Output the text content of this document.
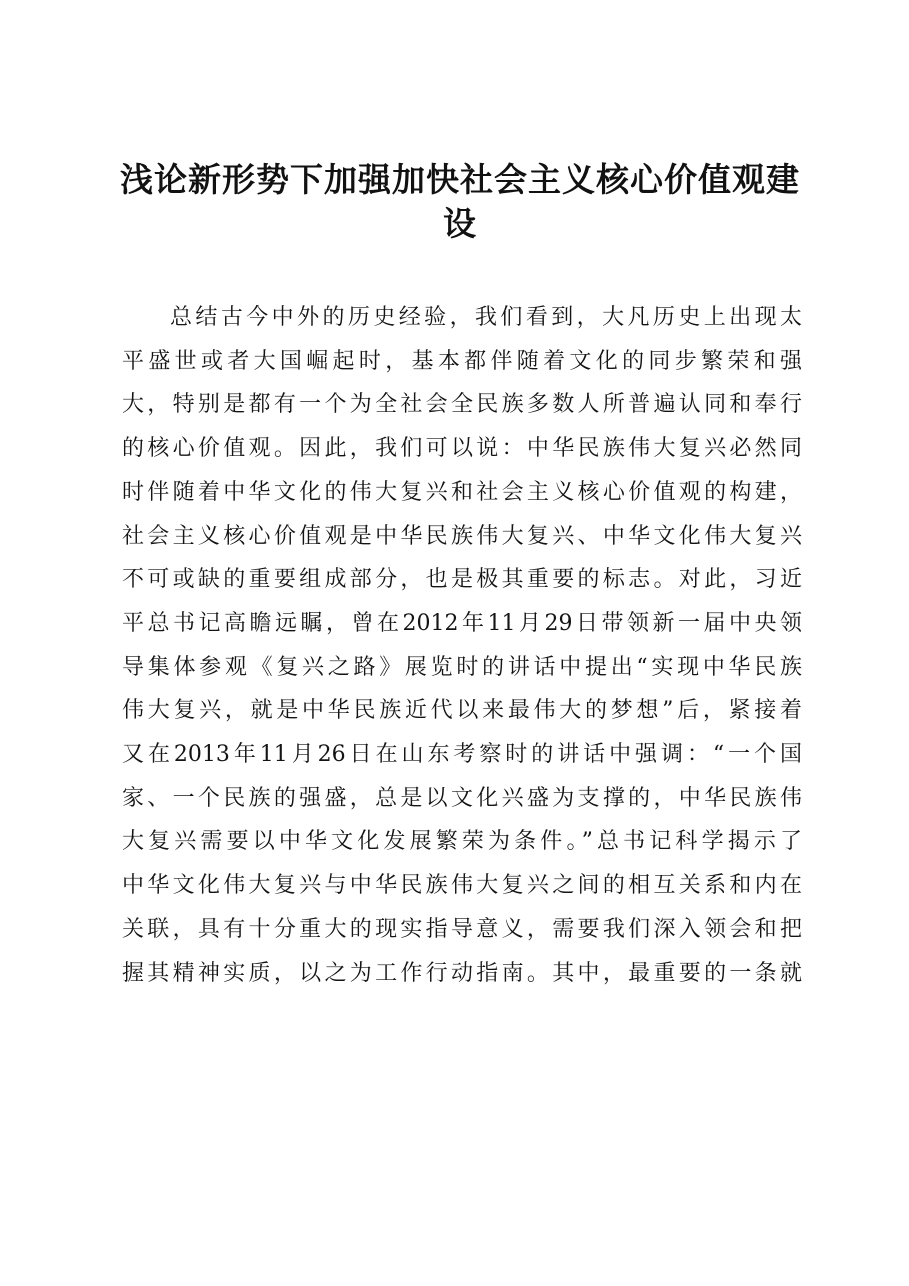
浅论新形势下加强加快社会主义核心价值观建
设
总结古今中外的历史经验，我们看到，大凡历史上出现太
平盛世或者大国崛起时，基本都伴随着文化的同步繁荣和强
大，特别是都有一个为全社会全民族多数人所普遍认同和奉行
的核心价值观。因此，我们可以说：中华民族伟大复兴必然同
时伴随着中华文化的伟大复兴和社会主义核心价值观的构建，
社会主义核心价值观是中华民族伟大复兴、中华文化伟大复兴
不可或缺的重要组成部分，也是极其重要的标志。对此，习近
平总书记高瞻远瞩，曾在2012年11月29日带领新一届中央领
导集体参观《复兴之路》展览时的讲话中提出“实现中华民族
伟大复兴，就是中华民族近代以来最伟大的梦想”后，紧接着
又在2013年11月26日在山东考察时的讲话中强调：“一个国
家、一个民族的强盛，总是以文化兴盛为支撑的，中华民族伟
大复兴需要以中华文化发展繁荣为条件。”总书记科学揭示了
中华文化伟大复兴与中华民族伟大复兴之间的相互关系和内在
关联，具有十分重大的现实指导意义，需要我们深入领会和把
握其精神实质，以之为工作行动指南。其中，最重要的一条就
